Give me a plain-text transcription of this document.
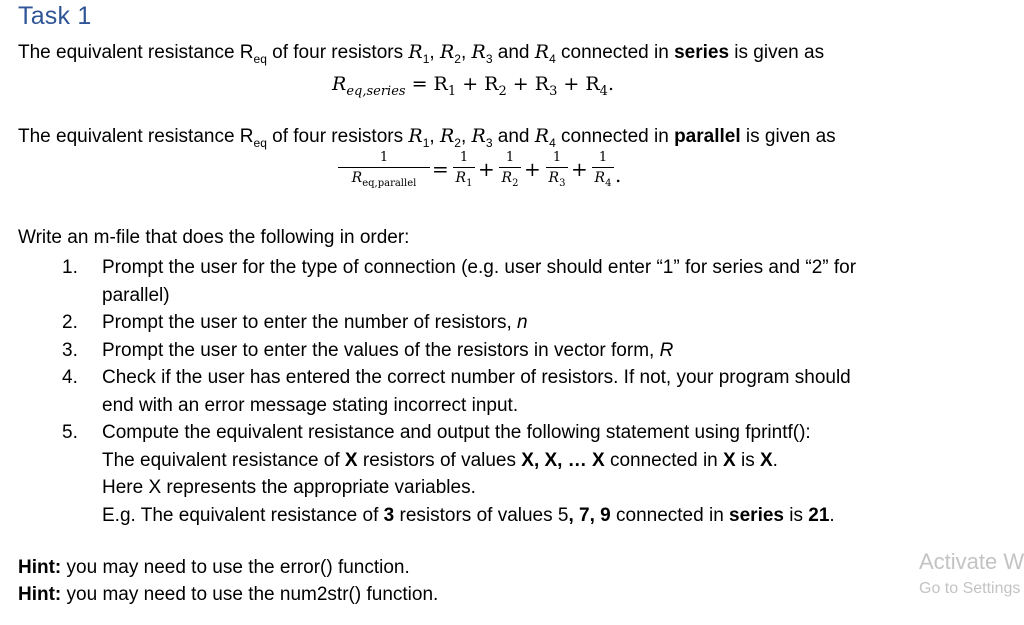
Task 1
The equivalent resistance $R_{eq}$ of four resistors $R_1$, $R_2$, $R_3$ and $R_4$ connected in series is given as
$R_{eq,series} = R_1 + R_2 + R_3 + R_4$.
The equivalent resistance $R_{eq}$ of four resistors $R_1$, $R_2$, $R_3$ and $R_4$ connected in parallel is given as
1
$R_{eq,parallel}$
= 1
$R_1$
+ 1
$R_2$
+ 1
$R_3$
+ 1
$R_4$ .
Write an m-file that does the following in order:
1. Prompt the user for the type of connection (e.g. user should enter “1” for series and “2” for
parallel)
2. Prompt the user to enter the number of resistors, n
3. Prompt the user to enter the values of the resistors in vector form, R
4. Check if the user has entered the correct number of resistors. If not, your program should
end with an error message stating incorrect input.
5. Compute the equivalent resistance and output the following statement using fprintf():
The equivalent resistance of X resistors of values X, X, … X connected in X is X.
Here X represents the appropriate variables.
E.g. The equivalent resistance of 3 resistors of values 5, 7, 9 connected in series is 21.
Hint: you may need to use the error() function.
Hint: you may need to use the num2str() function.
Activate W
Go to Settings
